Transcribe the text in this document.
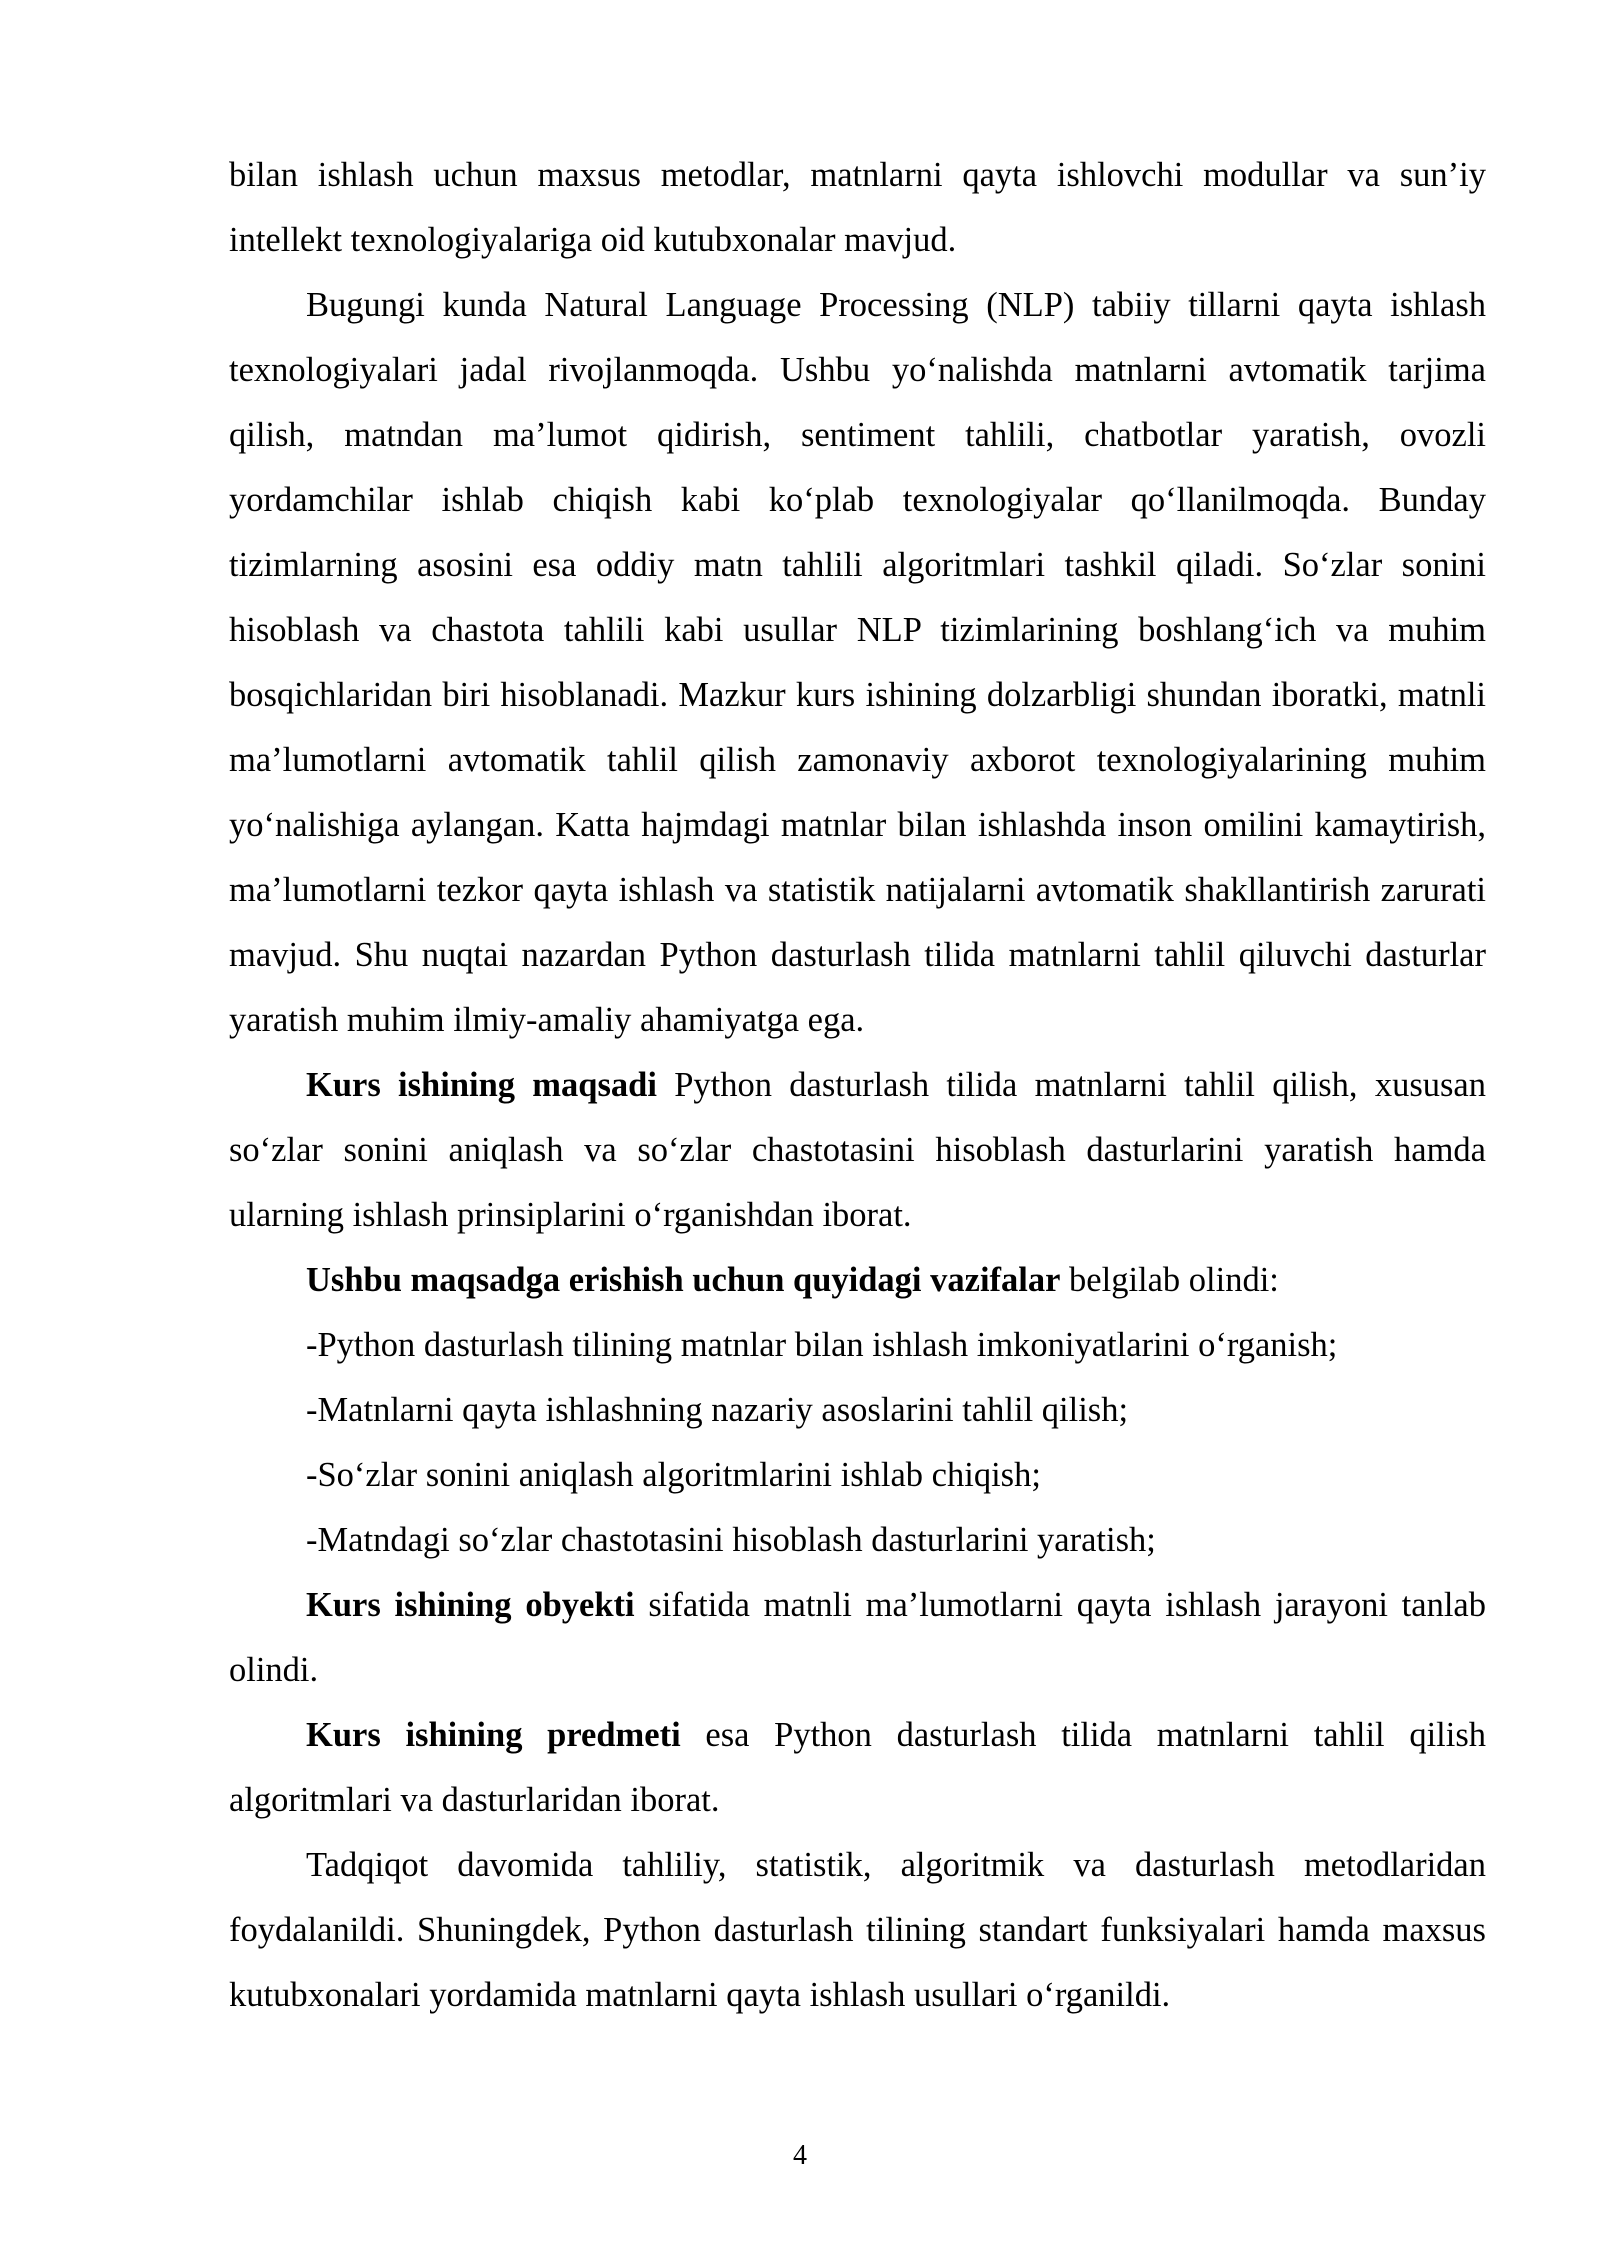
bilan ishlash uchun maxsus metodlar, matnlarni qayta ishlovchi modullar va sun’iy intellekt texnologiyalariga oid kutubxonalar mavjud.

Bugungi kunda Natural Language Processing (NLP) tabiiy tillarni qayta ishlash texnologiyalari jadal rivojlanmoqda. Ushbu yo‘nalishda matnlarni avtomatik tarjima qilish, matndan ma’lumot qidirish, sentiment tahlili, chatbotlar yaratish, ovozli yordamchilar ishlab chiqish kabi ko‘plab texnologiyalar qo‘llanilmoqda. Bunday tizimlarning asosini esa oddiy matn tahlili algoritmlari tashkil qiladi. So‘zlar sonini hisoblash va chastota tahlili kabi usullar NLP tizimlarining boshlang‘ich va muhim bosqichlaridan biri hisoblanadi. Mazkur kurs ishining dolzarbligi shundan iboratki, matnli ma’lumotlarni avtomatik tahlil qilish zamonaviy axborot texnologiyalarining muhim yo‘nalishiga aylangan. Katta hajmdagi matnlar bilan ishlashda inson omilini kamaytirish, ma’lumotlarni tezkor qayta ishlash va statistik natijalarni avtomatik shakllantirish zarurati mavjud. Shu nuqtai nazardan Python dasturlash tilida matnlarni tahlil qiluvchi dasturlar yaratish muhim ilmiy-amaliy ahamiyatga ega.

Kurs ishining maqsadi Python dasturlash tilida matnlarni tahlil qilish, xususan so‘zlar sonini aniqlash va so‘zlar chastotasini hisoblash dasturlarini yaratish hamda ularning ishlash prinsiplarini o‘rganishdan iborat.

Ushbu maqsadga erishish uchun quyidagi vazifalar belgilab olindi:

-Python dasturlash tilining matnlar bilan ishlash imkoniyatlarini o‘rganish;

-Matnlarni qayta ishlashning nazariy asoslarini tahlil qilish;

-So‘zlar sonini aniqlash algoritmlarini ishlab chiqish;

-Matndagi so‘zlar chastotasini hisoblash dasturlarini yaratish;

Kurs ishining obyekti sifatida matnli ma’lumotlarni qayta ishlash jarayoni tanlab olindi.

Kurs ishining predmeti esa Python dasturlash tilida matnlarni tahlil qilish algoritmlari va dasturlaridan iborat.

Tadqiqot davomida tahliliy, statistik, algoritmik va dasturlash metodlaridan foydalanildi. Shuningdek, Python dasturlash tilining standart funksiyalari hamda maxsus kutubxonalari yordamida matnlarni qayta ishlash usullari o‘rganildi.

4
